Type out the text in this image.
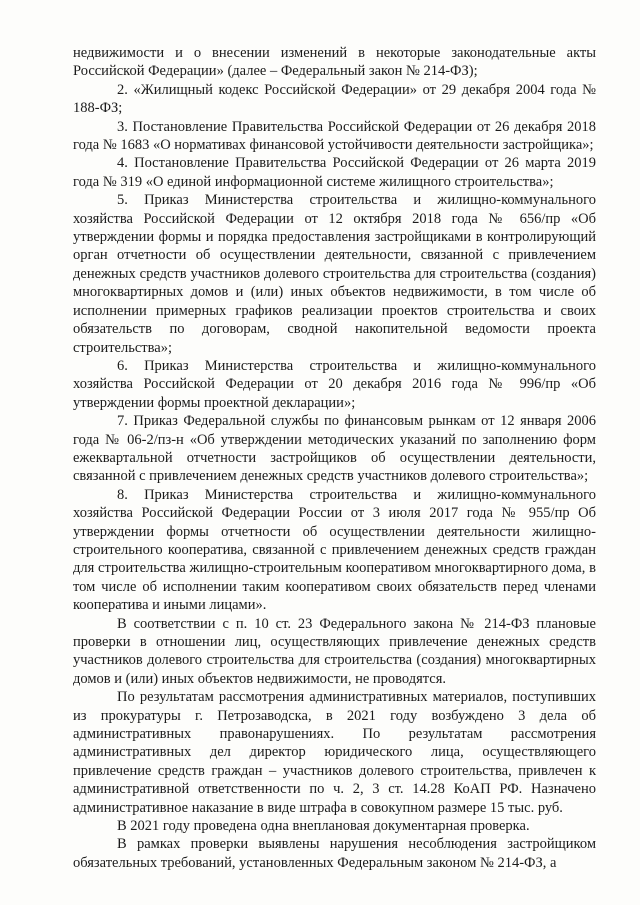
недвижимости и о внесении изменений в некоторые законодательные акты Российской Федерации» (далее – Федеральный закон № 214-ФЗ);

2. «Жилищный кодекс Российской Федерации» от 29 декабря 2004 года № 188-ФЗ;

3. Постановление Правительства Российской Федерации от 26 декабря 2018 года № 1683 «О нормативах финансовой устойчивости деятельности застройщика»;

4. Постановление Правительства Российской Федерации от 26 марта 2019 года № 319 «О единой информационной системе жилищного строительства»;

5. Приказ Министерства строительства и жилищно-коммунального хозяйства Российской Федерации от 12 октября 2018 года № 656/пр «Об утверждении формы и порядка предоставления застройщиками в контролирующий орган отчетности об осуществлении деятельности, связанной с привлечением денежных средств участников долевого строительства для строительства (создания) многоквартирных домов и (или) иных объектов недвижимости, в том числе об исполнении примерных графиков реализации проектов строительства и своих обязательств по договорам, сводной накопительной ведомости проекта строительства»;

6. Приказ Министерства строительства и жилищно-коммунального хозяйства Российской Федерации от 20 декабря 2016 года № 996/пр «Об утверждении формы проектной декларации»;

7. Приказ Федеральной службы по финансовым рынкам от 12 января 2006 года № 06-2/пз-н «Об утверждении методических указаний по заполнению форм ежеквартальной отчетности застройщиков об осуществлении деятельности, связанной с привлечением денежных средств участников долевого строительства»;

8. Приказ Министерства строительства и жилищно-коммунального хозяйства Российской Федерации России от 3 июля 2017 года № 955/пр Об утверждении формы отчетности об осуществлении деятельности жилищно-строительного кооператива, связанной с привлечением денежных средств граждан для строительства жилищно-строительным кооперативом многоквартирного дома, в том числе об исполнении таким кооперативом своих обязательств перед членами кооператива и иными лицами».

В соответствии с п. 10 ст. 23 Федерального закона № 214-ФЗ плановые проверки в отношении лиц, осуществляющих привлечение денежных средств участников долевого строительства для строительства (создания) многоквартирных домов и (или) иных объектов недвижимости, не проводятся.

По результатам рассмотрения административных материалов, поступивших из прокуратуры г. Петрозаводска, в 2021 году возбуждено 3 дела об административных правонарушениях. По результатам рассмотрения административных дел директор юридического лица, осуществляющего привлечение средств граждан – участников долевого строительства, привлечен к административной ответственности по ч. 2, 3 ст. 14.28 КоАП РФ. Назначено административное наказание в виде штрафа в совокупном размере 15 тыс. руб.

В 2021 году проведена одна внеплановая документарная проверка.

В рамках проверки выявлены нарушения несоблюдения застройщиком обязательных требований, установленных Федеральным законом № 214-ФЗ, а
